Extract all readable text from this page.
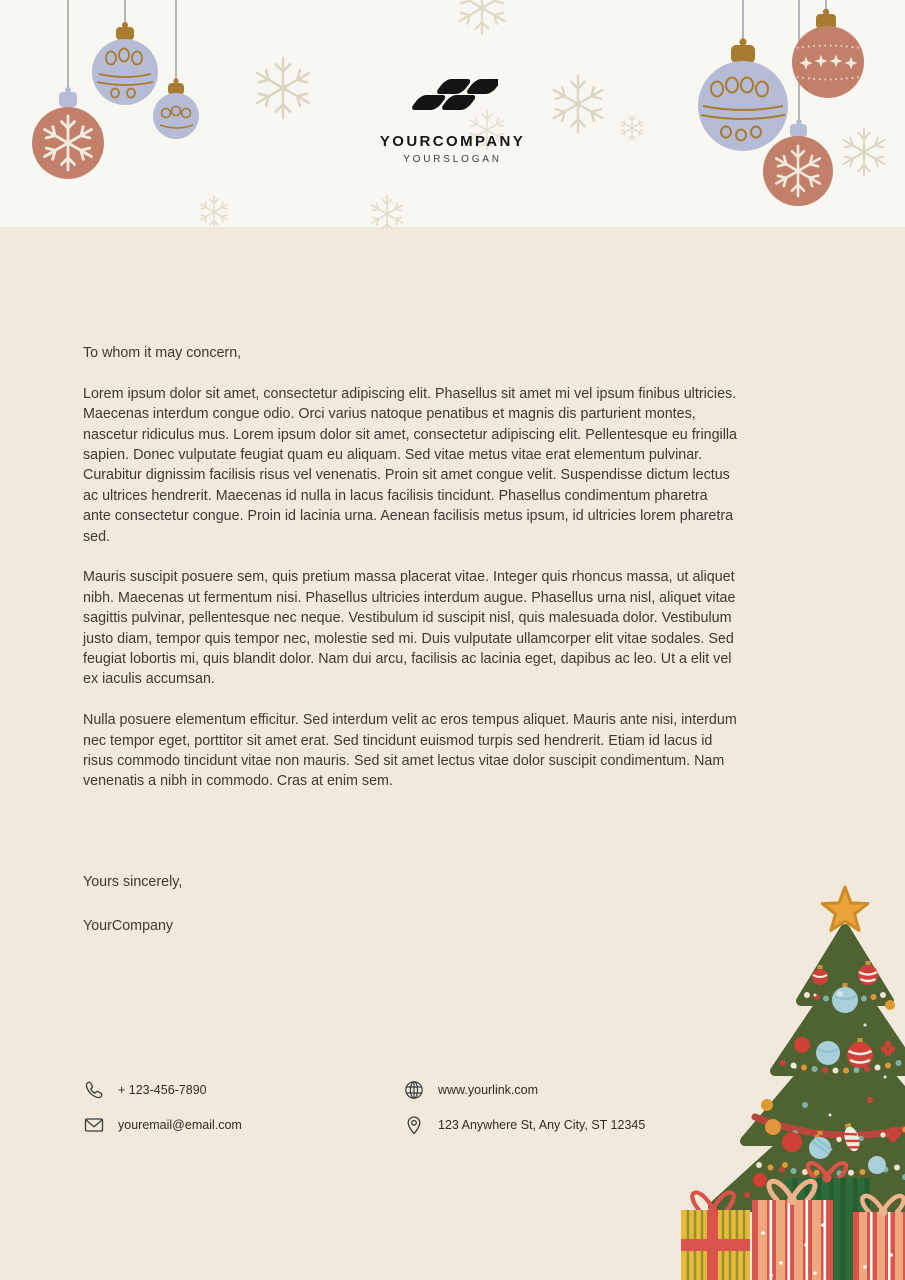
YOURCOMPANY
YOURSLOGAN
To whom it may concern,

Lorem ipsum dolor sit amet, consectetur adipiscing elit. Phasellus sit amet mi vel ipsum finibus ultricies. Maecenas interdum congue odio. Orci varius natoque penatibus et magnis dis parturient montes, nascetur ridiculus mus. Lorem ipsum dolor sit amet, consectetur adipiscing elit. Pellentesque eu fringilla sapien. Donec vulputate feugiat quam eu aliquam. Sed vitae metus vitae erat elementum pulvinar. Curabitur dignissim facilisis risus vel venenatis. Proin sit amet congue velit. Suspendisse dictum lectus ac ultrices hendrerit. Maecenas id nulla in lacus facilisis tincidunt. Phasellus condimentum pharetra ante consectetur congue. Proin id lacinia urna. Aenean facilisis metus ipsum, id ultricies lorem pharetra sed.

Mauris suscipit posuere sem, quis pretium massa placerat vitae. Integer quis rhoncus massa, ut aliquet nibh. Maecenas ut fermentum nisi. Phasellus ultricies interdum augue. Phasellus urna nisl, aliquet vitae sagittis pulvinar, pellentesque nec neque. Vestibulum id suscipit nisl, quis malesuada dolor. Vestibulum justo diam, tempor quis tempor nec, molestie sed mi. Duis vulputate ullamcorper elit vitae sodales. Sed feugiat lobortis mi, quis blandit dolor. Nam dui arcu, facilisis ac lacinia eget, dapibus ac leo. Ut a elit vel ex iaculis accumsan.

Nulla posuere elementum efficitur. Sed interdum velit ac eros tempus aliquet. Mauris ante nisi, interdum nec tempor eget, porttitor sit amet erat. Sed tincidunt euismod turpis sed hendrerit. Etiam id lacus id risus commodo tincidunt vitae non mauris. Sed sit amet lectus vitae dolor suscipit condimentum. Nam venenatis a nibh in commodo. Cras at enim sem.

Yours sincerely,
YourCompany
+ 123-456-7890	www.yourlink.com
youremail@email.com	123 Anywhere St, Any City, ST 12345
